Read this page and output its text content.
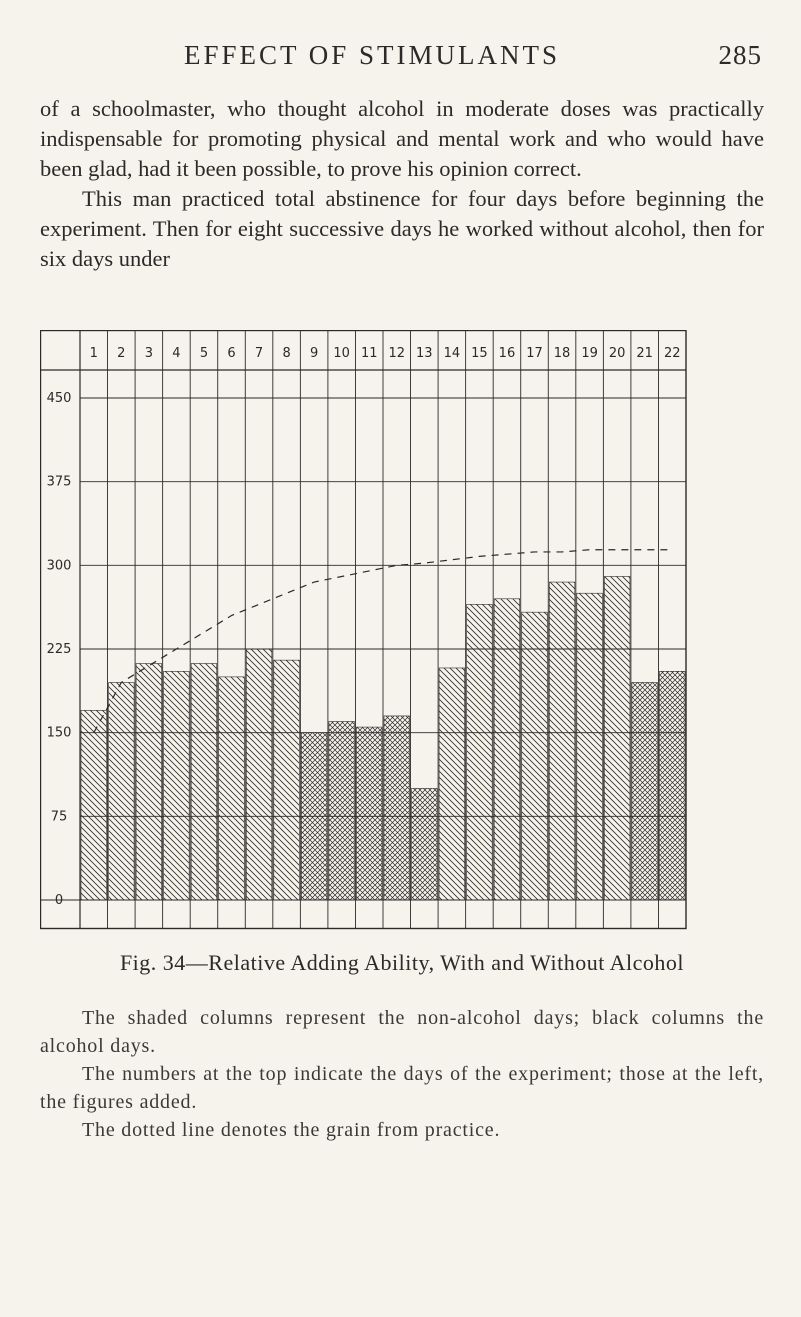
EFFECT OF STIMULANTS	285

of a schoolmaster, who thought alcohol in moderate doses was practically indispensable for promoting physical and mental work and who would have been glad, had it been possible, to prove his opinion correct.

This man practiced total abstinence for four days before beginning the experiment. Then for eight successive days he worked without alcohol, then for six days under

1 2 3 4 5 6 7 8 9 10 11 12 13 14 15 16 17 18 19 20 21 22
450
375
300
225
150
75
0
Fig. 34—Relative Adding Ability, With and Without Alcohol

The shaded columns represent the non-alcohol days; black columns the alcohol days.

The numbers at the top indicate the days of the experiment; those at the left, the figures added.

The dotted line denotes the grain from practice.
